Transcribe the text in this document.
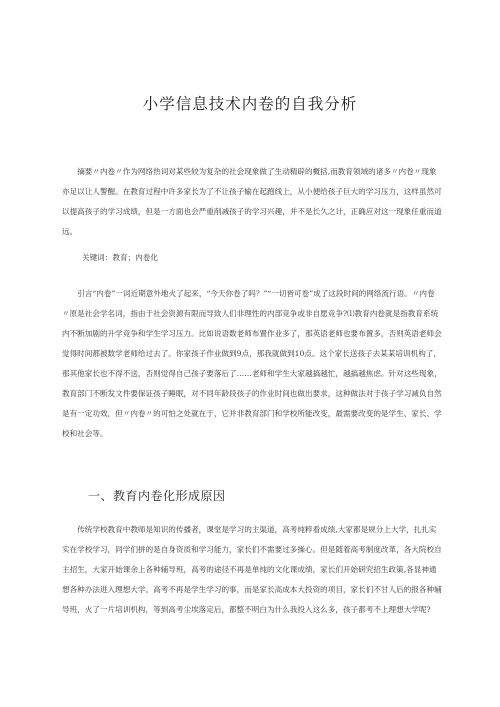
小学信息技术内卷的自我分析

摘要〃内卷〃作为网络热词对某些较为复杂的社会现象做了生动精辟的概括,而教育领域的诸多〃内卷〃现象亦足以让人警醒。在教育过程中许多家长为了不让孩子输在起跑线上，从小便给孩子巨大的学习压力，这样虽然可以提高孩子的学习成绩，但是一方面也会严重削减孩子的学习兴趣，并不是长久之计，正确应对这一现象任重而道远。

关键词：教育；内卷化

引言“内卷”一词近期意外地火了起来，“今天你卷了吗？”“一切皆可卷”成了这段时间的网络流行语。〃内卷〃原是社会学名词，指由于社会资源有限而导致人们非理性的内部竞争或非自愿竞争?⑴教育内卷就是指教育系统内不断加剧的升学竞争和学生学习压力。比如说语数老师布置作业多了，那英语老师也要布置多，否则英语老师会觉得时间都被数学老师给过去了。你家孩子作业做到9点，那我就做到10点。这个家长送孩子去某某培训机构了，那其他家长也不得不送，否则觉得自己孩子要落后了……老师和学生大家越搞越忙，越搞越焦虑。针对这些现象，教育部门不断发文件要保证孩子睡眠，对不同年龄段孩子的作业时间也做出要求，这种做法对于孩子学习减负自然是有一定功效，但〃内卷〃的可怕之处就在于，它并非教育部门和学校所能改变，最需要改变的是学生、家长、学校和社会等。

一、教育内卷化形成原因

传统学校教育中教师是知识的传播者，课堂是学习的主渠道，高考纯粹看成绩,大家都是规分上大学，扎扎实实在学校学习，同学们拼的是自身资质和学习能力，家长们不需要过多操心。但是随着高考制度改革，各大院校自主招生，大家开始课余上各种辅导班，高考的途径不再是单纯的文化课成绩，家长们开始研究招生政策,各显神通想各种办法进入理想大学。高考不再是学生学习的事，而是家长高成本大投资的项目，家长们不甘人后的报各种辅导班，火了一片培训机构，等到高考尘埃落定后，都整不明白为什么我投入这么多，孩子都考不上理想大学呢?
